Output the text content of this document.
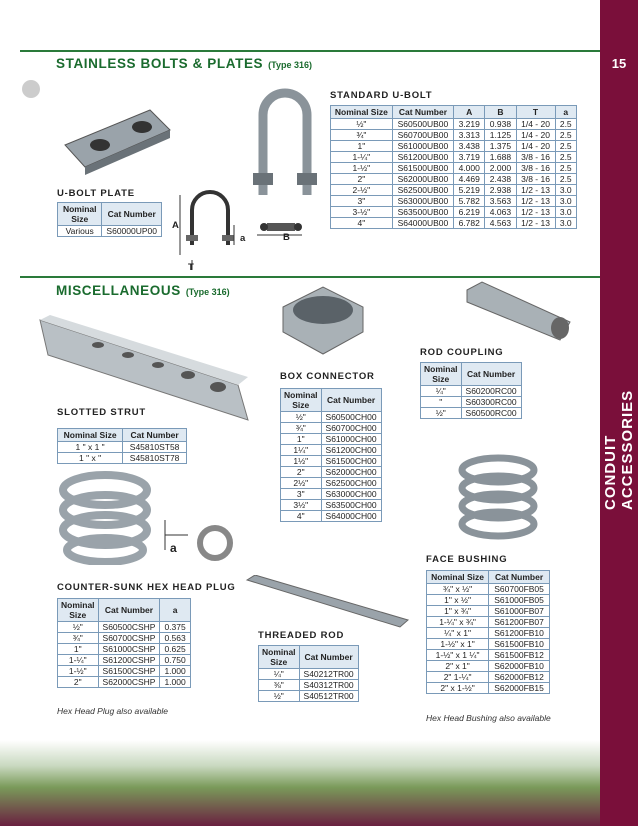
15
CONDUIT ACCESSORIES
STAINLESS BOLTS & PLATES (Type 316)
A
a	B
T
U-BOLT PLATE
Nominal Size	Cat Number
Various	S60000UP00
STANDARD U-BOLT
Nominal Size	Cat Number	A	B	T	a
½"	S60500UB00	3.219	0.938	1/4 - 20	2.5
¾"	S60700UB00	3.313	1.125	1/4 - 20	2.5
1"	S61000UB00	3.438	1.375	1/4 - 20	2.5
1-¼"	S61200UB00	3.719	1.688	3/8 - 16	2.5
1-½"	S61500UB00	4.000	2.000	3/8 - 16	2.5
2"	S62000UB00	4.469	2.438	3/8 - 16	2.5
2-½"	S62500UB00	5.219	2.938	1/2 - 13	3.0
3"	S63000UB00	5.782	3.563	1/2 - 13	3.0
3-½"	S63500UB00	6.219	4.063	1/2 - 13	3.0
4"	S64000UB00	6.782	4.563	1/2 - 13	3.0
MISCELLANEOUS (Type 316)
SLOTTED STRUT
Nominal Size	Cat Number
1 " x 1 "	S45810ST58
1 " x "	S45810ST78
BOX CONNECTOR
Nominal Size	Cat Number
½"	S60500CH00
¾"	S60700CH00
1"	S61000CH00
1¼"	S61200CH00
1½"	S61500CH00
2"	S62000CH00
2½"	S62500CH00
3"	S63000CH00
3½"	S63500CH00
4"	S64000CH00
ROD COUPLING
Nominal Size	Cat Number
¼"	S60200RC00
"	S60300RC00
½"	S60500RC00
FACE BUSHING
Nominal Size	Cat Number
¾" x ½"	S60700FB05
1" x ½"	S61000FB05
1" x ¾"	S61000FB07
1-¼" x ¾"	S61200FB07
¼" x 1"	S61200FB10
1-½" x 1"	S61500FB10
1-½" x 1 ¼"	S61500FB12
2" x 1"	S62000FB10
2" 1-¼"	S62000FB12
2" x 1-½"	S62000FB15
Hex Head Bushing also available
a
COUNTER-SUNK HEX HEAD PLUG
Nominal Size	Cat Number	a
½"	S60500CSHP	0.375
¾"	S60700CSHP	0.563
1"	S61000CSHP	0.625
1-¼"	S61200CSHP	0.750
1-½"	S61500CSHP	1.000
2"	S62000CSHP	1.000
Hex Head Plug also available
THREADED ROD
Nominal Size	Cat Number
¼"	S40212TR00
⅜"	S40312TR00
½"	S40512TR00
